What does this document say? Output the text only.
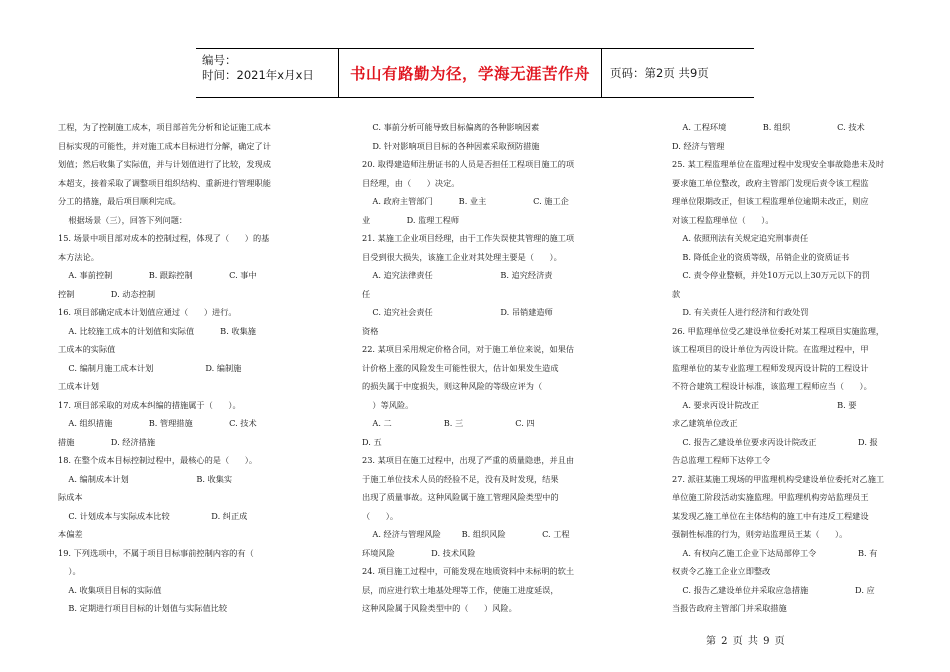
编号：
时间：2021年x月x日	书山有路勤为径，学海无涯苦作舟	页码：第2页 共9页
工程，为了控制施工成本，项目部首先分析和论证施工成本
目标实现的可能性，并对施工成本目标进行分解，确定了计
划值；然后收集了实际值，并与计划值进行了比较，发现成
本超支，接着采取了调整项目组织结构、重新进行管理职能
分工的措施，最后项目顺利完成。
根据场景（三），回答下列问题：
15. 场景中项目部对成本的控制过程，体现了（      ）的基
本方法论。
A. 事前控制              B. 跟踪控制              C. 事中
控制              D. 动态控制
16. 项目部确定成本计划值应通过（      ）进行。
A. 比较施工成本的计划值和实际值          B. 收集施
工成本的实际值
C. 编制月施工成本计划                    D. 编制施
工成本计划
17. 项目部采取的对成本纠编的措施属于（      ）。
A. 组织措施              B. 管理措施              C. 技术
措施              D. 经济措施
18. 在整个成本目标控制过程中，最核心的是（      ）。
A. 编制成本计划                          B. 收集实
际成本
C. 计划成本与实际成本比较                D. 纠正成
本偏差
19. 下列选项中，不属于项目目标事前控制内容的有（
）。
A. 收集项目目标的实际值
B. 定期进行项目目标的计划值与实际值比较
C. 事前分析可能导致目标偏离的各种影响因素
D. 针对影响项目目标的各种因素采取预防措施
20. 取得建造师注册证书的人员是否担任工程项目施工的项
目经理，由（      ）决定。
A. 政府主管部门          B. 业主                  C. 施工企
业              D. 监理工程师
21. 某施工企业项目经理，由于工作失误使其管理的施工项
目受到很大损失，该施工企业对其处理主要是（      ）。
A. 追究法律责任                          B. 追究经济责
任
C. 追究社会责任                          D. 吊销建造师
资格
22. 某项目采用规定价格合同，对于施工单位来说，如果估
计价格上涨的风险发生可能性很大，估计如果发生造成
的损失属于中度损失，则这种风险的等级应评为（
）等风险。
A. 二                    B. 三                    C. 四
D. 五
23. 某项目在施工过程中，出现了严重的质量隐患，并且由
于施工单位技术人员的经验不足，没有及时发现，结果
出现了质量事故。这种风险属于施工管理风险类型中的
（      ）。
A. 经济与管理风险        B. 组织风险              C. 工程
环境风险              D. 技术风险
24. 项目施工过程中，可能发现在地质资料中未标明的软土
层，而应进行软土地基处理等工作，使施工进度延误，
这种风险属于风险类型中的（      ）风险。
A. 工程环境              B. 组织                  C. 技术
D. 经济与管理
25. 某工程监理单位在监理过程中发现安全事故隐患未及时
要求施工单位整改，政府主管部门发现后责令该工程监
理单位限期改正，但该工程监理单位逾期未改正，则应
对该工程监理单位（      ）。
A. 依照刑法有关规定追究刑事责任
B. 降低企业的资质等级，吊销企业的资质证书
C. 责令停业整顿，并处10万元以上30万元以下的罚
款
D. 有关责任人进行经济和行政处罚
26. 甲监理单位受乙建设单位委托对某工程项目实施监理，
该工程项目的设计单位为丙设计院。在监理过程中，甲
监理单位的某专业监理工程师发现丙设计院的工程设计
不符合建筑工程设计标准，该监理工程师应当（      ）。
A. 要求丙设计院改正                              B. 要
求乙建筑单位改正
C. 报告乙建设单位要求丙设计院改正                D. 报
告总监理工程师下达停工令
27. 派驻某施工现场的甲监理机构受建设单位委托对乙施工
单位施工阶段活动实施监理。甲监理机构旁站监理员王
某发现乙施工单位在主体结构的施工中有违反工程建设
强制性标准的行为，则旁站监理员王某（      ）。
A. 有权向乙施工企业下达局部停工令                B. 有
权责令乙施工企业立即整改
C. 报告乙建设单位并采取应急措施                  D. 应
当报告政府主管部门并采取措施
第 2 页 共 9 页
